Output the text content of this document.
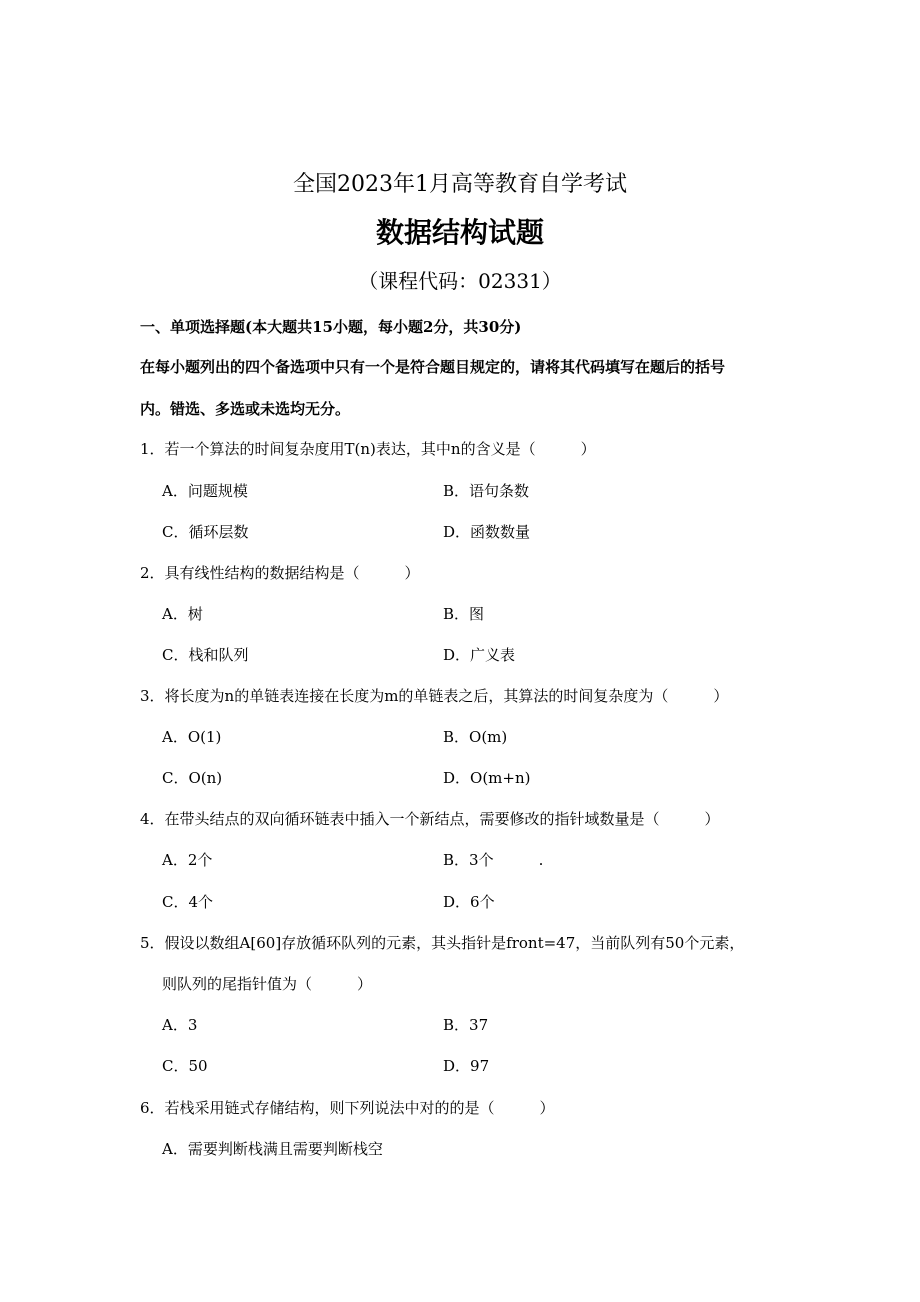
全国2023年1月高等教育自学考试
数据结构试题
（课程代码：02331）
一、单项选择题(本大题共15小题，每小题2分，共30分)
在每小题列出的四个备选项中只有一个是符合题目规定的，请将其代码填写在题后的括号
内。错选、多选或未选均无分。
1．若一个算法的时间复杂度用T(n)表达，其中n的含义是（　　　）
A．问题规模	B．语句条数
C．循环层数	D．函数数量
2．具有线性结构的数据结构是（　　　）
A．树	B．图
C．栈和队列	D．广义表
3．将长度为n的单链表连接在长度为m的单链表之后，其算法的时间复杂度为（　　　）
A．O(1)	B．O(m)
C．O(n)	D．O(m+n)
4．在带头结点的双向循环链表中插入一个新结点，需要修改的指针域数量是（　　　）
A．2个	B．3个　　　.
C．4个	D．6个
5．假设以数组A[60]存放循环队列的元素，其头指针是front=47，当前队列有50个元素，
则队列的尾指针值为（　　　）
A．3	B．37
C．50	D．97
6．若栈采用链式存储结构，则下列说法中对的的是（　　　）
A．需要判断栈满且需要判断栈空
